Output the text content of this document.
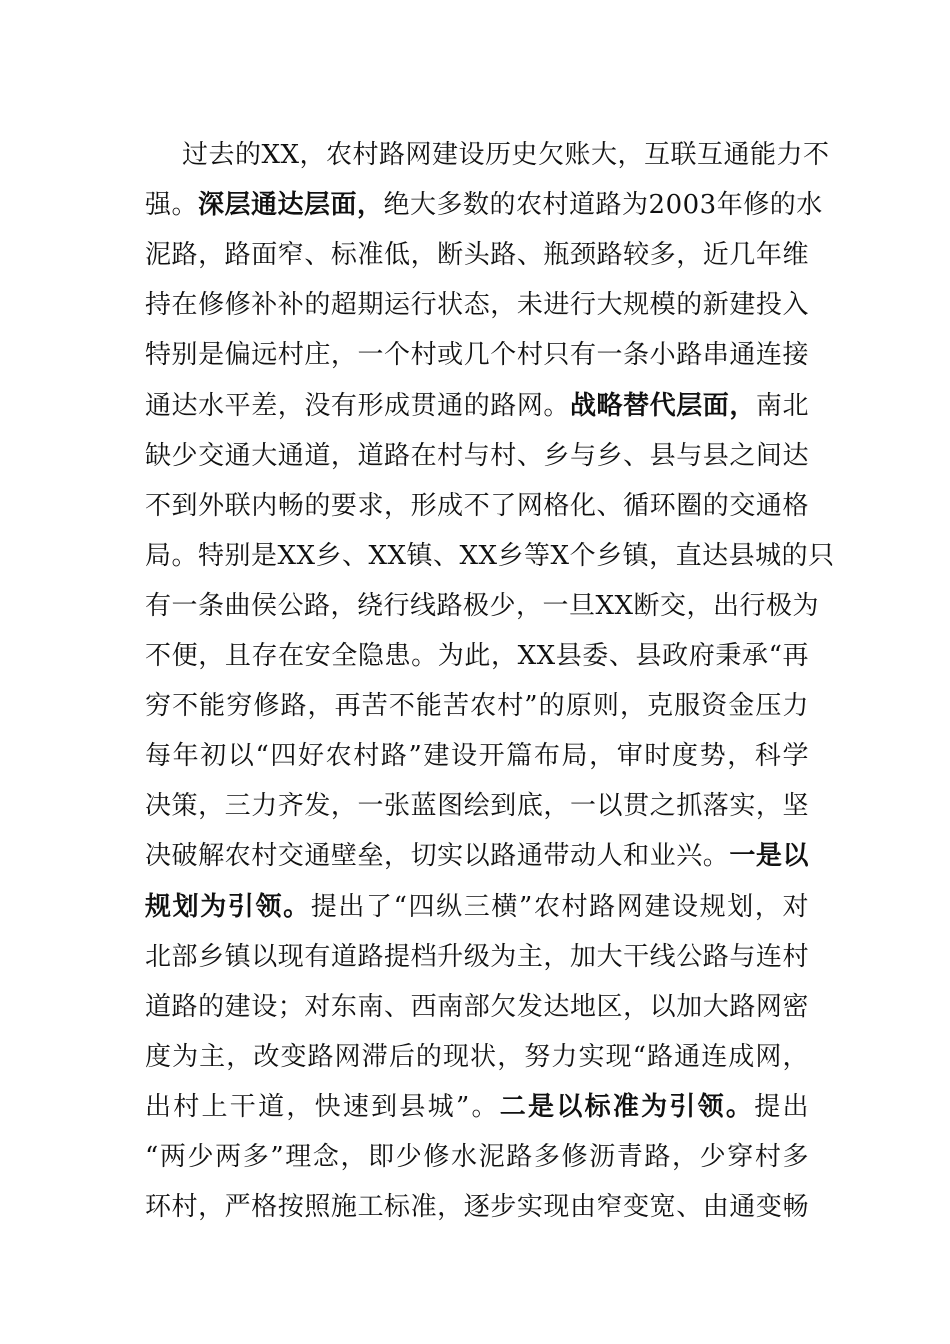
过去的XX，农村路网建设历史欠账大，互联互通能力不
强。深层通达层面，绝大多数的农村道路为2003年修的水
泥路，路面窄、标准低，断头路、瓶颈路较多，近几年维
持在修修补补的超期运行状态，未进行大规模的新建投入
特别是偏远村庄，一个村或几个村只有一条小路串通连接
通达水平差，没有形成贯通的路网。战略替代层面，南北
缺少交通大通道，道路在村与村、乡与乡、县与县之间达
不到外联内畅的要求，形成不了网格化、循环圈的交通格
局。特别是XX乡、XX镇、XX乡等X个乡镇，直达县城的只
有一条曲侯公路，绕行线路极少，一旦XX断交，出行极为
不便，且存在安全隐患。为此，XX县委、县政府秉承“再
穷不能穷修路，再苦不能苦农村”的原则，克服资金压力
每年初以“四好农村路”建设开篇布局，审时度势，科学
决策，三力齐发，一张蓝图绘到底，一以贯之抓落实，坚
决破解农村交通壁垒，切实以路通带动人和业兴。一是以
规划为引领。提出了“四纵三横”农村路网建设规划，对
北部乡镇以现有道路提档升级为主，加大干线公路与连村
道路的建设；对东南、西南部欠发达地区，以加大路网密
度为主，改变路网滞后的现状，努力实现“路通连成网，
出村上干道，快速到县城”。二是以标准为引领。提出
“两少两多”理念，即少修水泥路多修沥青路，少穿村多
环村，严格按照施工标准，逐步实现由窄变宽、由通变畅
